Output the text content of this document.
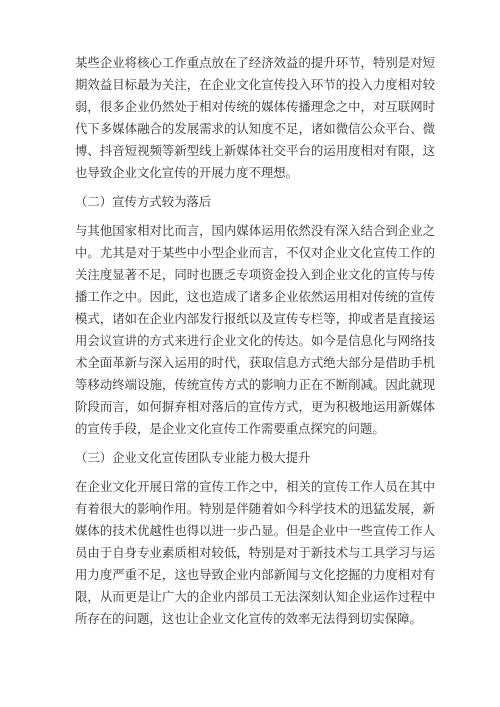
某些企业将核心工作重点放在了经济效益的提升环节，特别是对短期效益目标最为关注，在企业文化宣传投入环节的投入力度相对较弱，很多企业仍然处于相对传统的媒体传播理念之中，对互联网时代下多媒体融合的发展需求的认知度不足，诸如微信公众平台、微博、抖音短视频等新型线上新媒体社交平台的运用度相对有限，这也导致企业文化宣传的开展力度不理想。

（二）宣传方式较为落后

与其他国家相对比而言，国内媒体运用依然没有深入结合到企业之中。尤其是对于某些中小型企业而言，不仅对企业文化宣传工作的关注度显著不足，同时也匮乏专项资金投入到企业文化的宣传与传播工作之中。因此，这也造成了诸多企业依然运用相对传统的宣传模式，诸如在企业内部发行报纸以及宣传专栏等，抑或者是直接运用会议宣讲的方式来进行企业文化的传达。如今是信息化与网络技术全面革新与深入运用的时代，获取信息方式绝大部分是借助手机等移动终端设施，传统宣传方式的影响力正在不断削减。因此就现阶段而言，如何摒弃相对落后的宣传方式，更为积极地运用新媒体的宣传手段，是企业文化宣传工作需要重点探究的问题。

（三）企业文化宣传团队专业能力极大提升

在企业文化开展日常的宣传工作之中，相关的宣传工作人员在其中有着很大的影响作用。特别是伴随着如今科学技术的迅猛发展，新媒体的技术优越性也得以进一步凸显。但是企业中一些宣传工作人员由于自身专业素质相对较低，特别是对于新技术与工具学习与运用力度严重不足，这也导致企业内部新闻与文化挖掘的力度相对有限，从而更是让广大的企业内部员工无法深刻认知企业运作过程中所存在的问题，这也让企业文化宣传的效率无法得到切实保障。
